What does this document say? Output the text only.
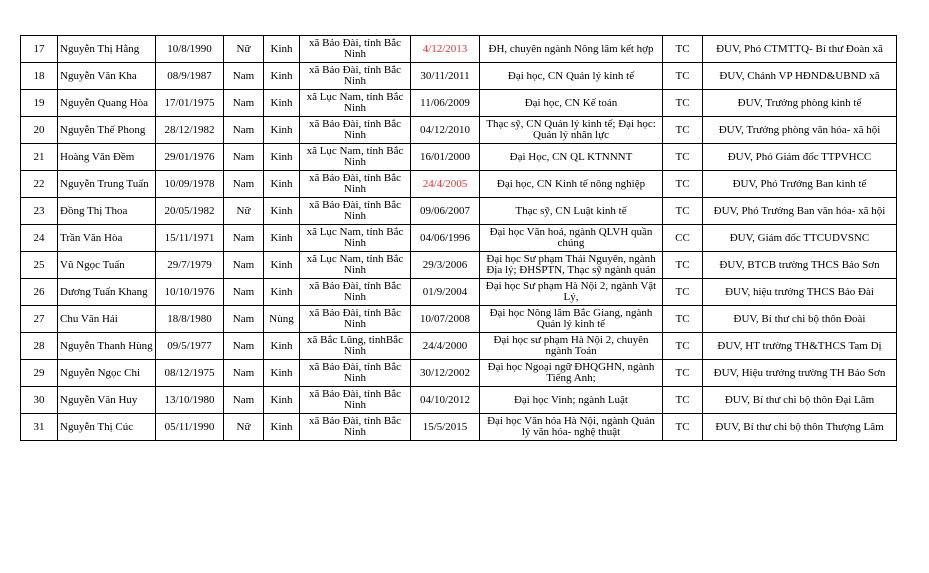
17	Nguyễn Thị Hằng	10/8/1990	Nữ	Kinh	xã Bảo Đài, tỉnh Bắc Ninh	4/12/2013	ĐH, chuyên ngành Nông lâm kết hợp	TC	ĐUV, Phó CTMTTQ- Bí thư Đoàn xã

18	Nguyễn Văn Kha	08/9/1987	Nam	Kinh	xã Bảo Đài, tỉnh Bắc Ninh	30/11/2011	Đại học, CN Quản lý kinh tế	TC	ĐUV, Chánh VP HĐND&UBND xã

19	Nguyễn Quang Hòa	17/01/1975	Nam	Kinh	xã Lục Nam, tỉnh Bắc Ninh	11/06/2009	Đại học, CN Kế toán	TC	ĐUV, Trưởng phòng kinh tế

20	Nguyễn Thế Phong	28/12/1982	Nam	Kinh	xã Bảo Đài, tỉnh Bắc Ninh	04/12/2010	Thạc sỹ, CN Quản lý kinh tế; Đại học: Quản lý nhân lực	TC	ĐUV, Trưởng phòng văn hóa- xã hội

21	Hoàng Văn Đềm	29/01/1976	Nam	Kinh	xã Lục Nam, tỉnh Bắc Ninh	16/01/2000	Đại Học, CN QL KTNNNT	TC	ĐUV, Phó Giám đốc TTPVHCC

22	Nguyễn Trung Tuấn	10/09/1978	Nam	Kinh	xã Bảo Đài, tỉnh Bắc Ninh	24/4/2005	Đại học, CN Kinh tế nông nghiệp	TC	ĐUV, Phó Trưởng Ban kinh tế

23	Đồng Thị Thoa	20/05/1982	Nữ	Kinh	xã Bảo Đài, tỉnh Bắc Ninh	09/06/2007	Thạc sỹ, CN Luật kinh tế	TC	ĐUV, Phó Trưởng Ban văn hóa- xã hội

24	Trần Văn Hòa	15/11/1971	Nam	Kinh	xã Lục Nam, tỉnh Bắc Ninh	04/06/1996	Đại học Văn hoá, ngành QLVH quần chúng	CC	ĐUV, Giám đốc TTCUDVSNC

25	Vũ Ngọc Tuấn	29/7/1979	Nam	Kinh	xã Lục Nam, tỉnh Bắc Ninh	29/3/2006	Đại học Sư phạm Thái Nguyên, ngành Địa lý; ĐHSPTN, Thạc sỹ ngành quản	TC	ĐUV, BTCB trường THCS Bảo Sơn

26	Dương Tuấn Khang	10/10/1976	Nam	Kinh	xã Bảo Đài, tỉnh Bắc Ninh	01/9/2004	Đại học Sư phạm Hà Nội 2, ngành Vật Lý,	TC	ĐUV, hiệu trưởng THCS Bảo Đài

27	Chu Văn Hải	18/8/1980	Nam	Nùng	xã Bảo Đài, tỉnh Bắc Ninh	10/07/2008	Đại học Nông lâm Bắc Giang, ngành Quản lý kinh tế	TC	ĐUV, Bí thư chi bộ thôn Đoài

28	Nguyễn Thanh Hùng	09/5/1977	Nam	Kinh	xã Bắc Lũng, tỉnhBắc Ninh	24/4/2000	Đại học sư phạm Hà Nội 2, chuyên ngành Toán	TC	ĐUV, HT trường TH&THCS Tam Dị

29	Nguyễn Ngọc Chi	08/12/1975	Nam	Kinh	xã Bảo Đài, tỉnh Bắc Ninh	30/12/2002	Đại học Ngoại ngữ ĐHQGHN, ngành Tiếng Anh;	TC	ĐUV, Hiệu trưởng trường TH Bảo Sơn

30	Nguyễn Văn Huy	13/10/1980	Nam	Kinh	xã Bảo Đài, tỉnh Bắc Ninh	04/10/2012	Đại học Vinh; ngành Luật	TC	ĐUV, Bí thư chi bộ thôn Đại Lâm

31	Nguyễn Thị Cúc	05/11/1990	Nữ	Kinh	xã Bảo Đài, tỉnh Bắc Ninh	15/5/2015	Đại học Văn hóa Hà Nội, ngành Quản lý văn hóa- nghệ thuật	TC	ĐUV, Bí thư chi bộ thôn Thượng Lâm
